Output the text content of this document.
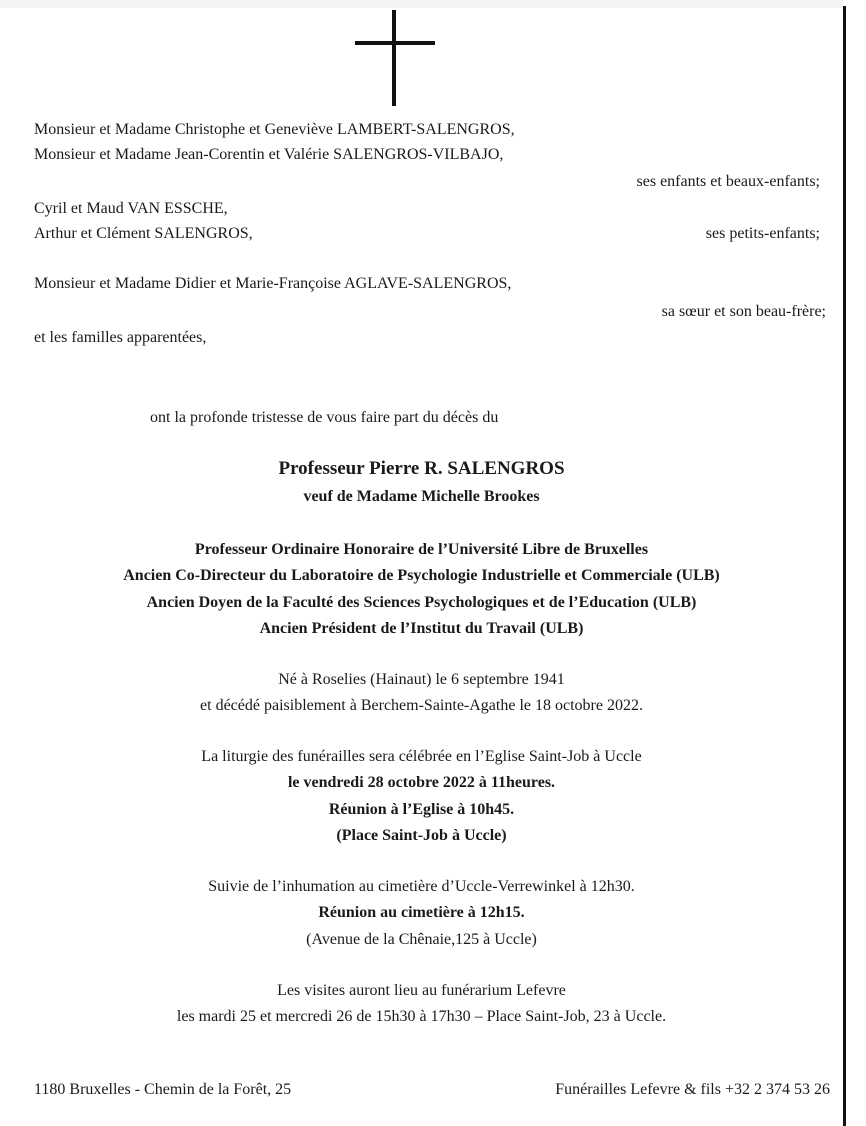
Monsieur et Madame Christophe et Geneviève LAMBERT-SALENGROS,
Monsieur et Madame Jean-Corentin et Valérie SALENGROS-VILBAJO,
ses enfants et beaux-enfants;
Cyril et Maud VAN ESSCHE,
Arthur et Clément SALENGROS,	ses petits-enfants;
Monsieur et Madame Didier et Marie-Françoise AGLAVE-SALENGROS,
sa sœur et son beau-frère;
et les familles apparentées,
ont la profonde tristesse de vous faire part du décès du
Professeur Pierre R. SALENGROS
veuf de Madame Michelle Brookes
Professeur Ordinaire Honoraire de l’Université Libre de Bruxelles
Ancien Co-Directeur du Laboratoire de Psychologie Industrielle et Commerciale (ULB)
Ancien Doyen de la Faculté des Sciences Psychologiques et de l’Education (ULB)
Ancien Président de l’Institut du Travail (ULB)
Né à Roselies (Hainaut) le 6 septembre 1941
et décédé paisiblement à Berchem-Sainte-Agathe le 18 octobre 2022.
La liturgie des funérailles sera célébrée en l’Eglise Saint-Job à Uccle
le vendredi 28 octobre 2022 à 11heures.
Réunion à l’Eglise à 10h45.
(Place Saint-Job à Uccle)
Suivie de l’inhumation au cimetière d’Uccle-Verrewinkel à 12h30.
Réunion au cimetière à 12h15.
(Avenue de la Chênaie,125 à Uccle)
Les visites auront lieu au funérarium Lefevre
les mardi 25 et mercredi 26 de 15h30 à 17h30 – Place Saint-Job, 23 à Uccle.
1180 Bruxelles - Chemin de la Forêt, 25	Funérailles Lefevre & fils +32 2 374 53 26
